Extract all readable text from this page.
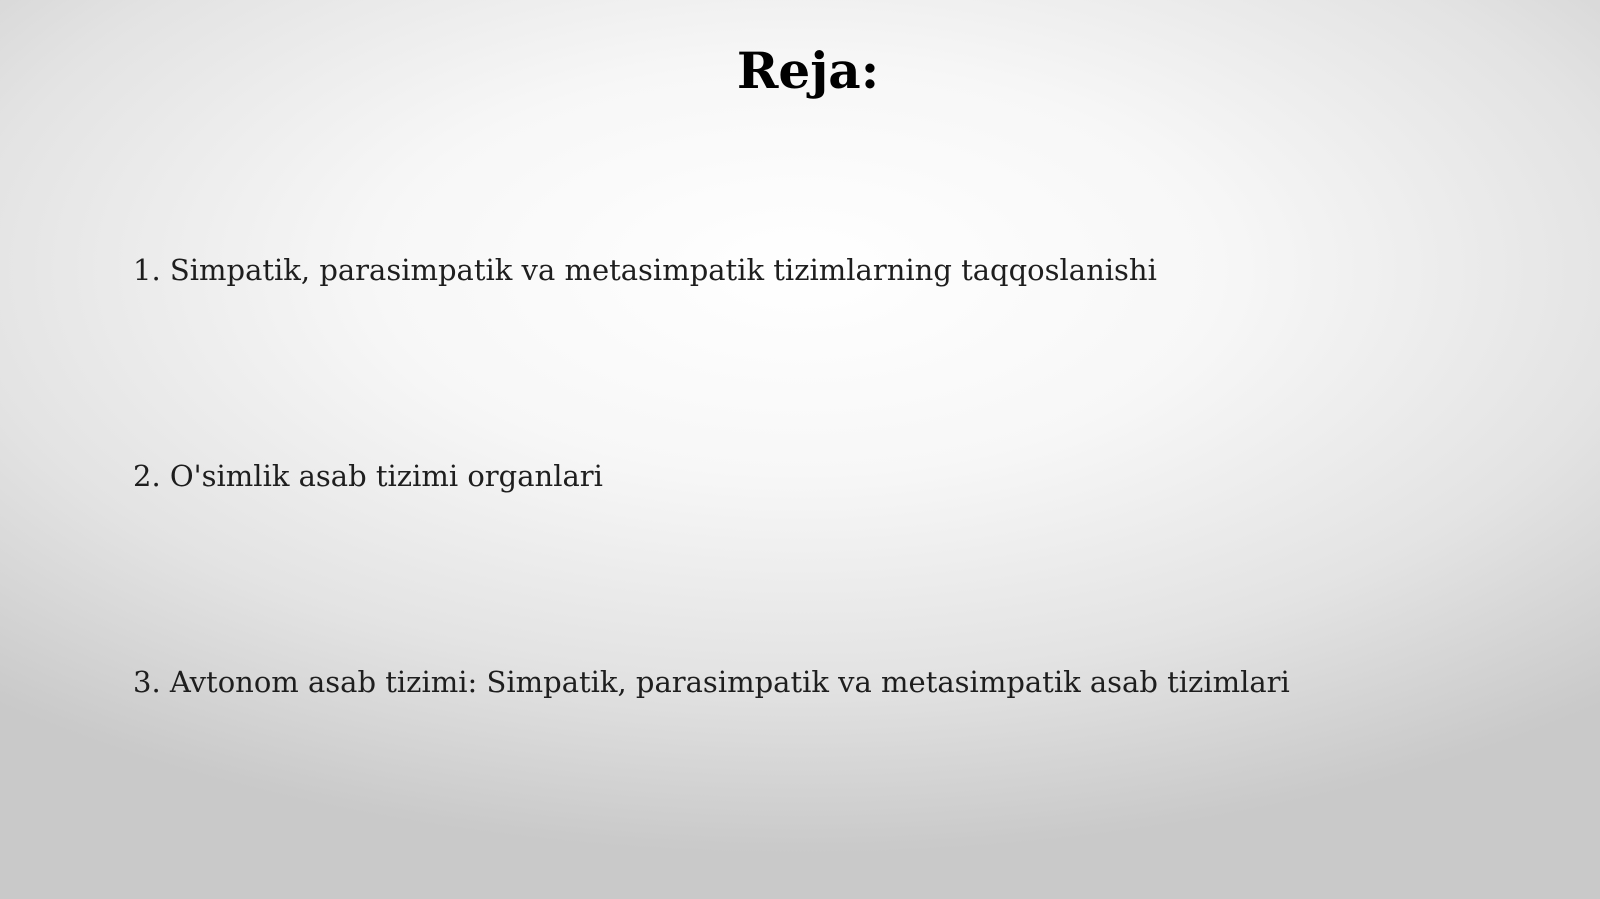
Reja:
1. Simpatik, parasimpatik va metasimpatik tizimlarning taqqoslanishi
2. O'simlik asab tizimi organlari
3. Avtonom asab tizimi: Simpatik, parasimpatik va metasimpatik asab tizimlari
